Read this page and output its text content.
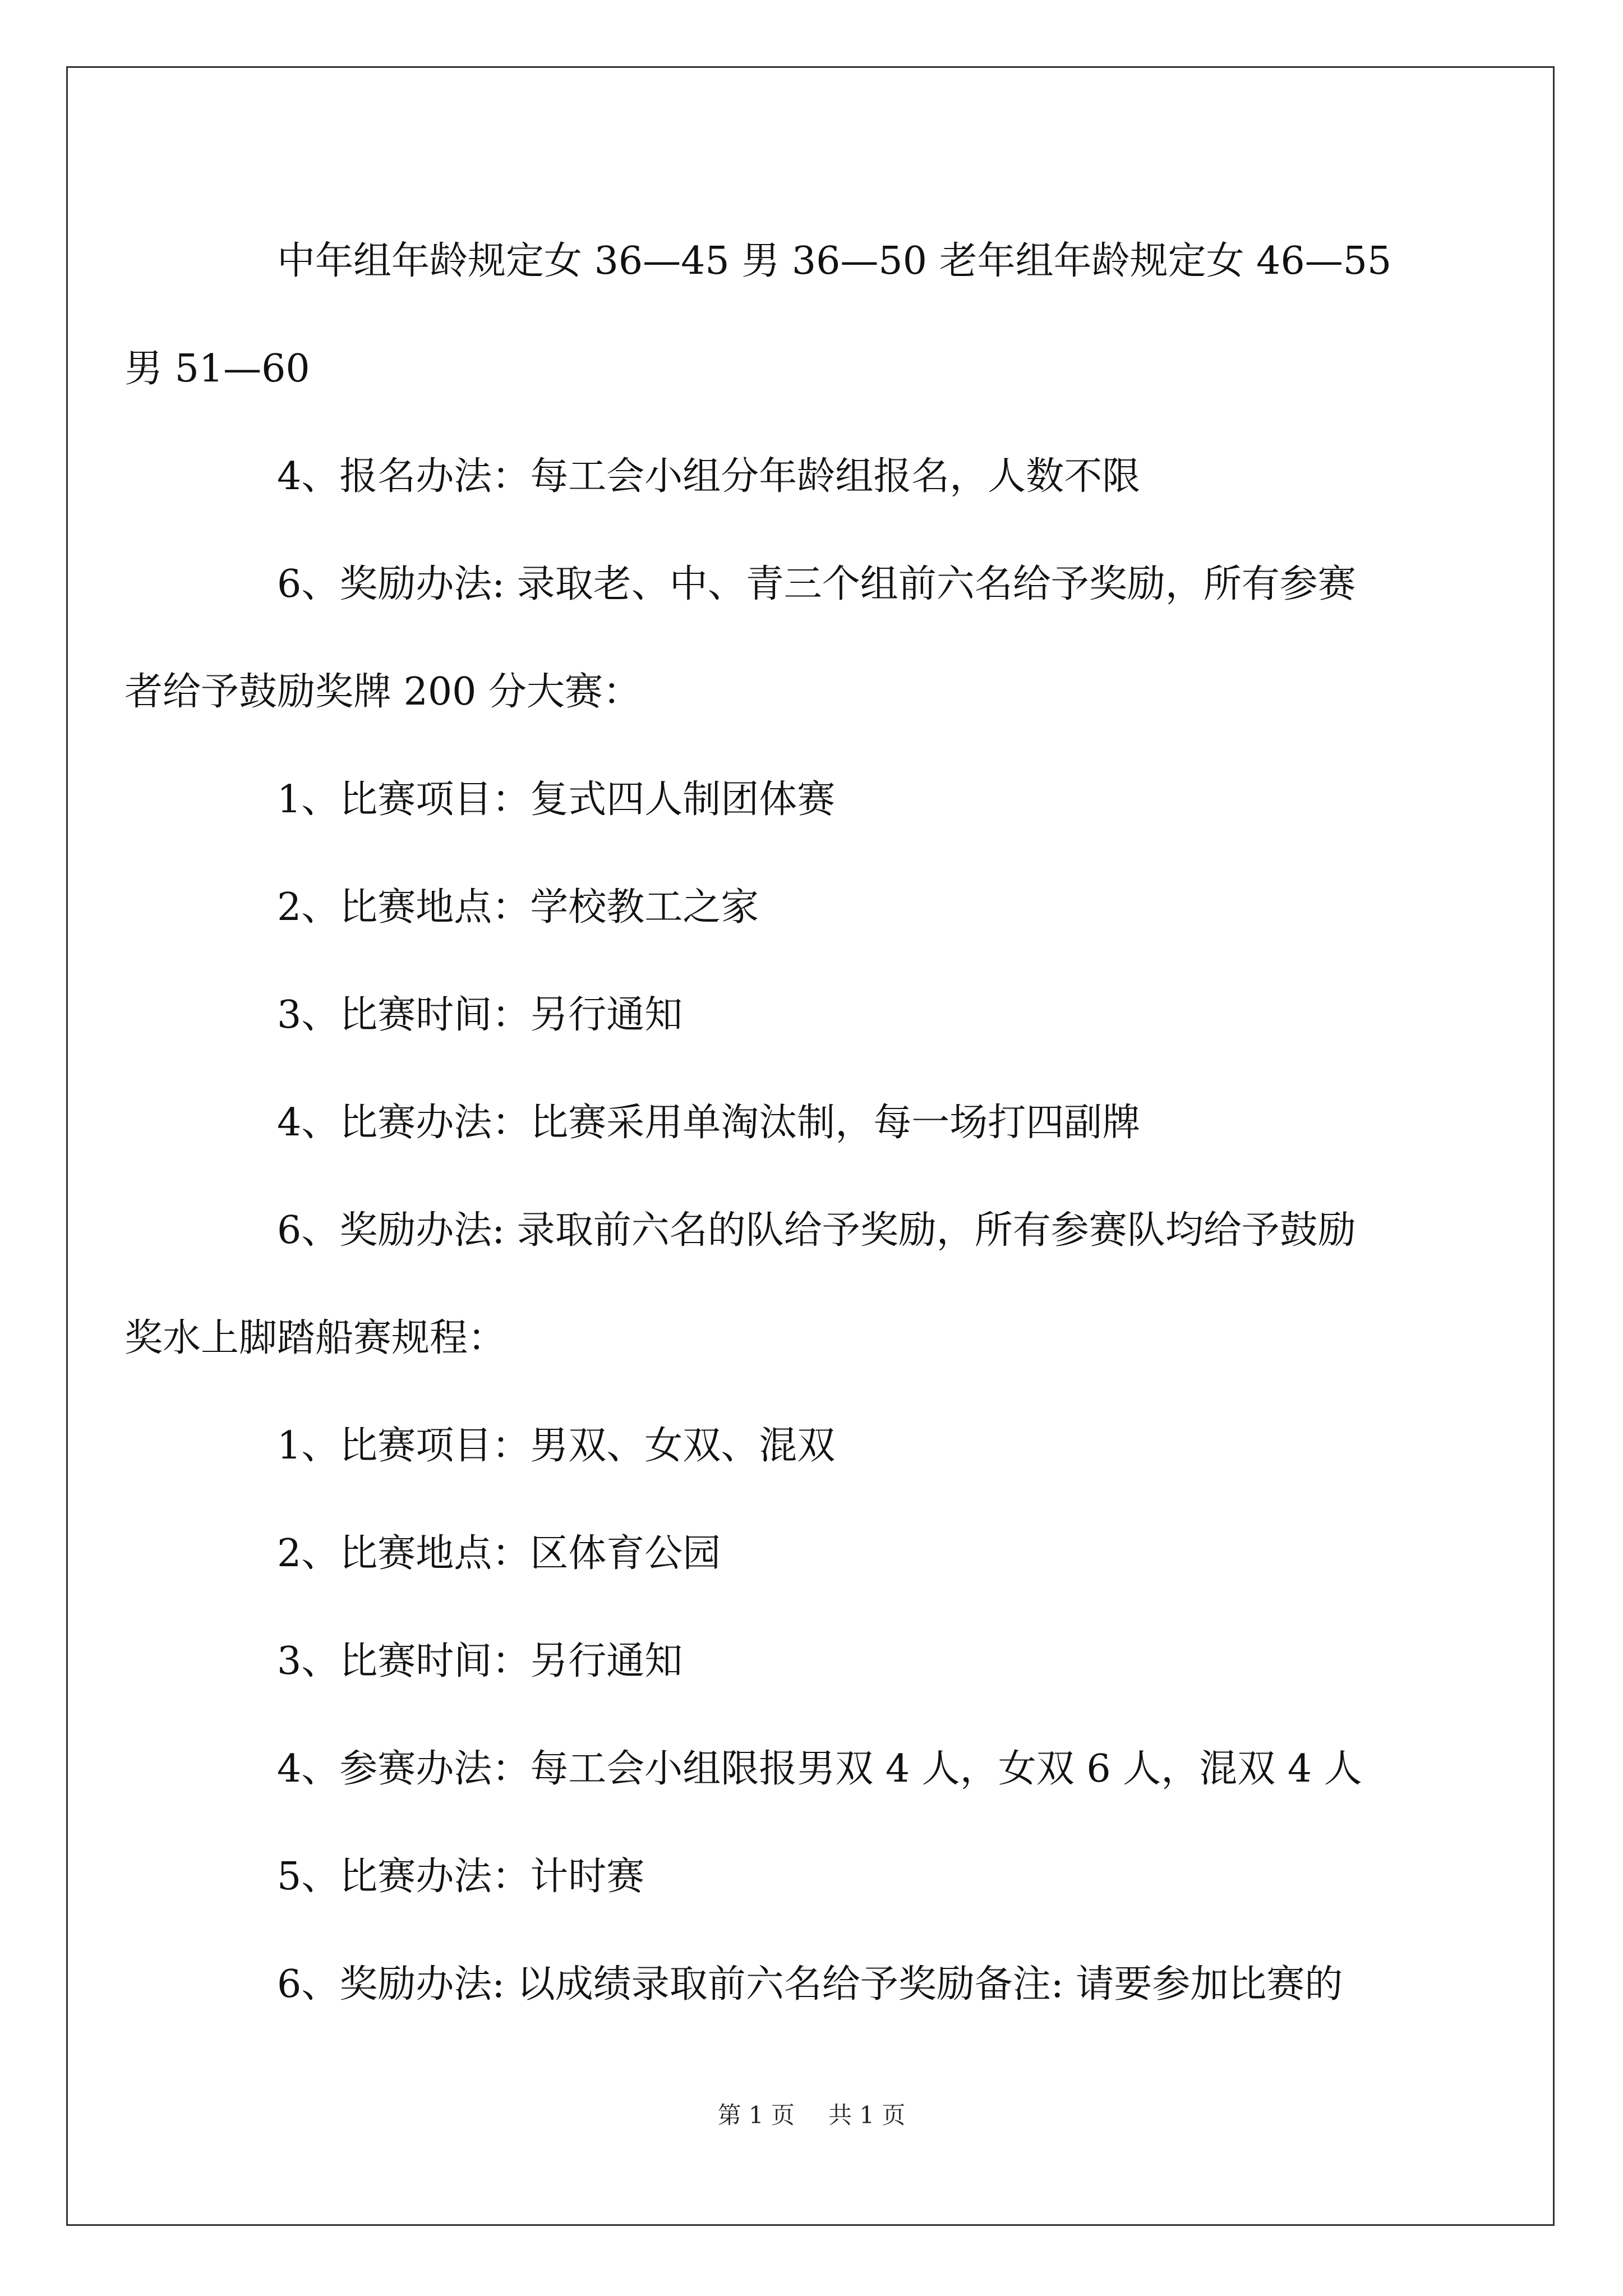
中年组年龄规定女 36—45 男 36—50 老年组年龄规定女 46—55
男 51—60

4、报名办法：每工会小组分年龄组报名，人数不限

6、奖励办法: 录取老、中、青三个组前六名给予奖励，所有参赛
者给予鼓励奖牌 200 分大赛：

1、比赛项目：复式四人制团体赛

2、比赛地点：学校教工之家

3、比赛时间：另行通知

4、比赛办法：比赛采用单淘汰制，每一场打四副牌

6、奖励办法: 录取前六名的队给予奖励，所有参赛队均给予鼓励
奖水上脚踏船赛规程：

1、比赛项目：男双、女双、混双

2、比赛地点：区体育公园

3、比赛时间：另行通知

4、参赛办法：每工会小组限报男双 4 人，女双 6 人，混双 4 人

5、比赛办法：计时赛

6、奖励办法: 以成绩录取前六名给予奖励备注: 请要参加比赛的

第 1 页 共 1 页
